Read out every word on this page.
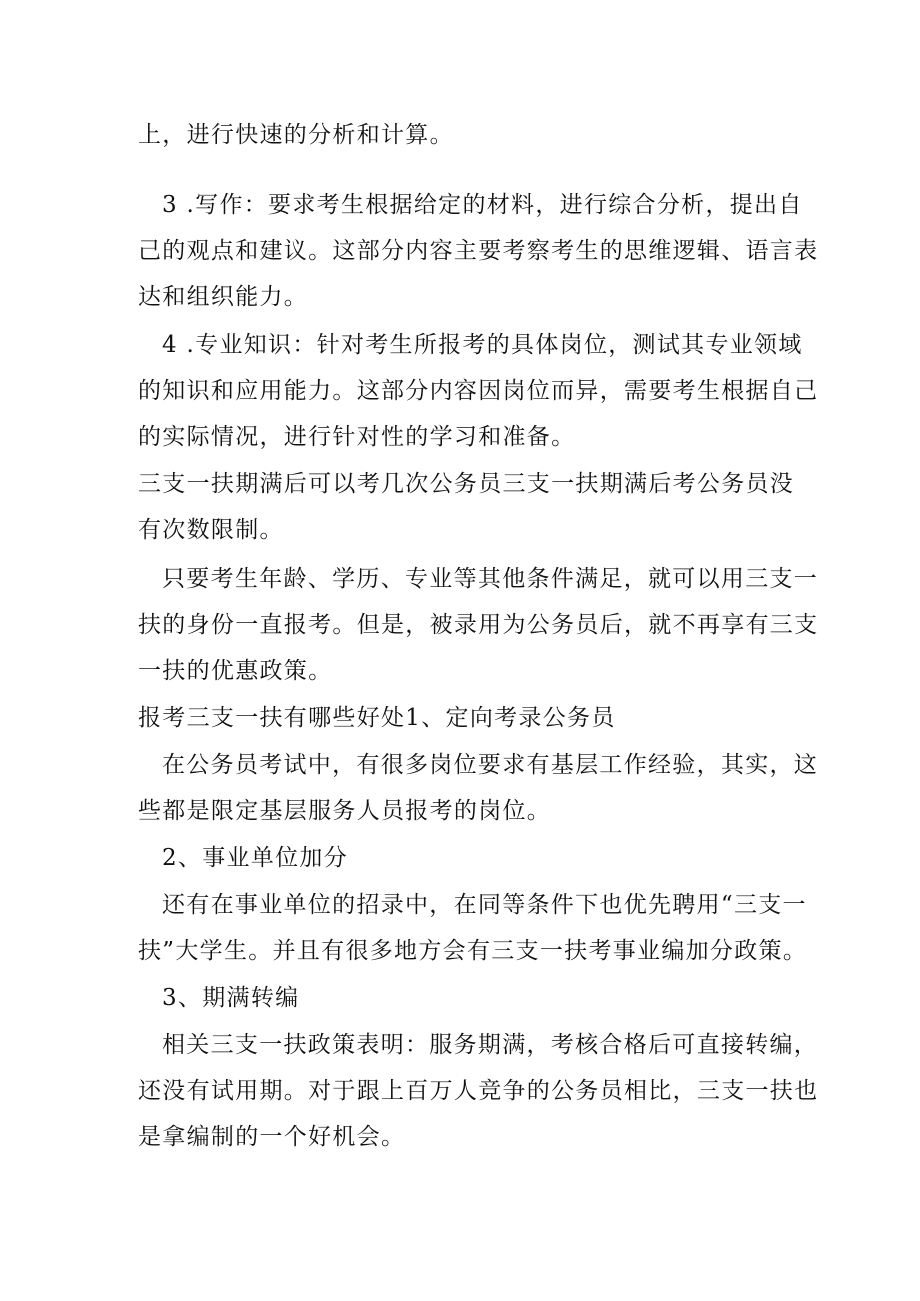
上，进行快速的分析和计算。
3 .写作：要求考生根据给定的材料，进行综合分析，提出自
己的观点和建议。这部分内容主要考察考生的思维逻辑、语言表
达和组织能力。
4 .专业知识：针对考生所报考的具体岗位，测试其专业领域
的知识和应用能力。这部分内容因岗位而异，需要考生根据自己
的实际情况，进行针对性的学习和准备。
三支一扶期满后可以考几次公务员三支一扶期满后考公务员没
有次数限制。
只要考生年龄、学历、专业等其他条件满足，就可以用三支一
扶的身份一直报考。但是，被录用为公务员后，就不再享有三支
一扶的优惠政策。
报考三支一扶有哪些好处1、定向考录公务员
在公务员考试中，有很多岗位要求有基层工作经验，其实，这
些都是限定基层服务人员报考的岗位。
2、事业单位加分
还有在事业单位的招录中，在同等条件下也优先聘用“三支一
扶”大学生。并且有很多地方会有三支一扶考事业编加分政策。
3、期满转编
相关三支一扶政策表明：服务期满，考核合格后可直接转编，
还没有试用期。对于跟上百万人竞争的公务员相比，三支一扶也
是拿编制的一个好机会。
